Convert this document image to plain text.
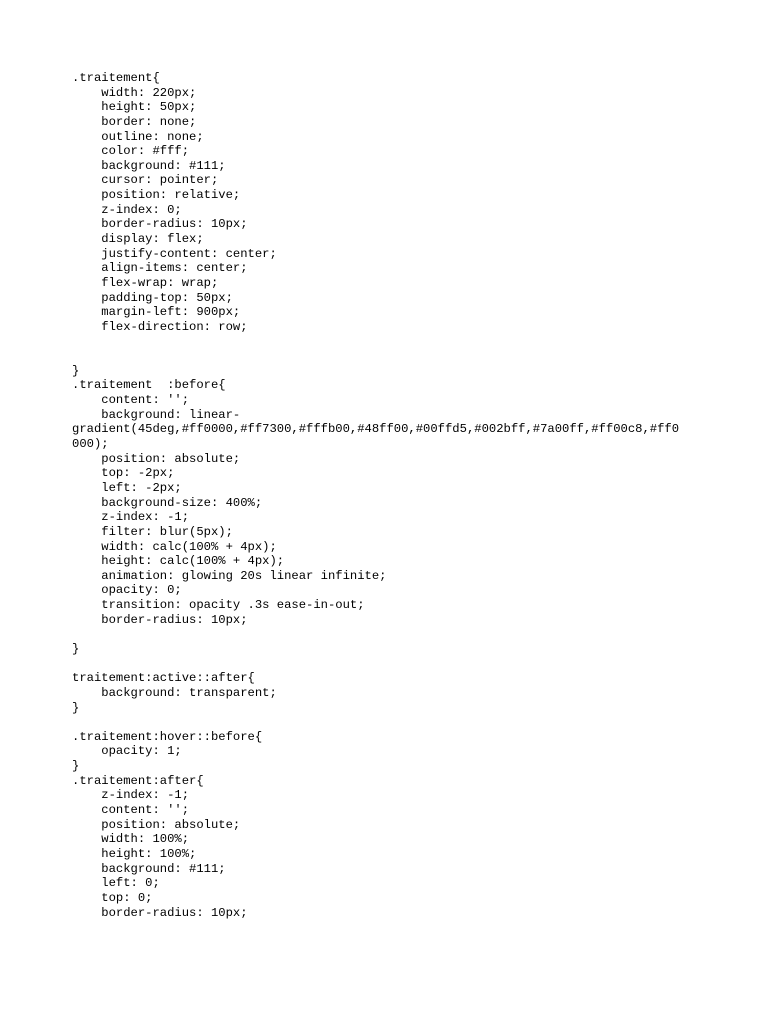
.traitement{
width: 220px;
height: 50px;
border: none;
outline: none;
color: #fff;
background: #111;
cursor: pointer;
position: relative;
z-index: 0;
border-radius: 10px;
display: flex;
justify-content: center;
align-items: center;
flex-wrap: wrap;
padding-top: 50px;
margin-left: 900px;
flex-direction: row;
}
.traitement  :before{
content: '';
background: linear-
gradient(45deg,#ff0000,#ff7300,#fffb00,#48ff00,#00ffd5,#002bff,#7a00ff,#ff00c8,#ff0
000);
position: absolute;
top: -2px;
left: -2px;
background-size: 400%;
z-index: -1;
filter: blur(5px);
width: calc(100% + 4px);
height: calc(100% + 4px);
animation: glowing 20s linear infinite;
opacity: 0;
transition: opacity .3s ease-in-out;
border-radius: 10px;
}
traitement:active::after{
background: transparent;
}
.traitement:hover::before{
opacity: 1;
}
.traitement:after{
z-index: -1;
content: '';
position: absolute;
width: 100%;
height: 100%;
background: #111;
left: 0;
top: 0;
border-radius: 10px;
